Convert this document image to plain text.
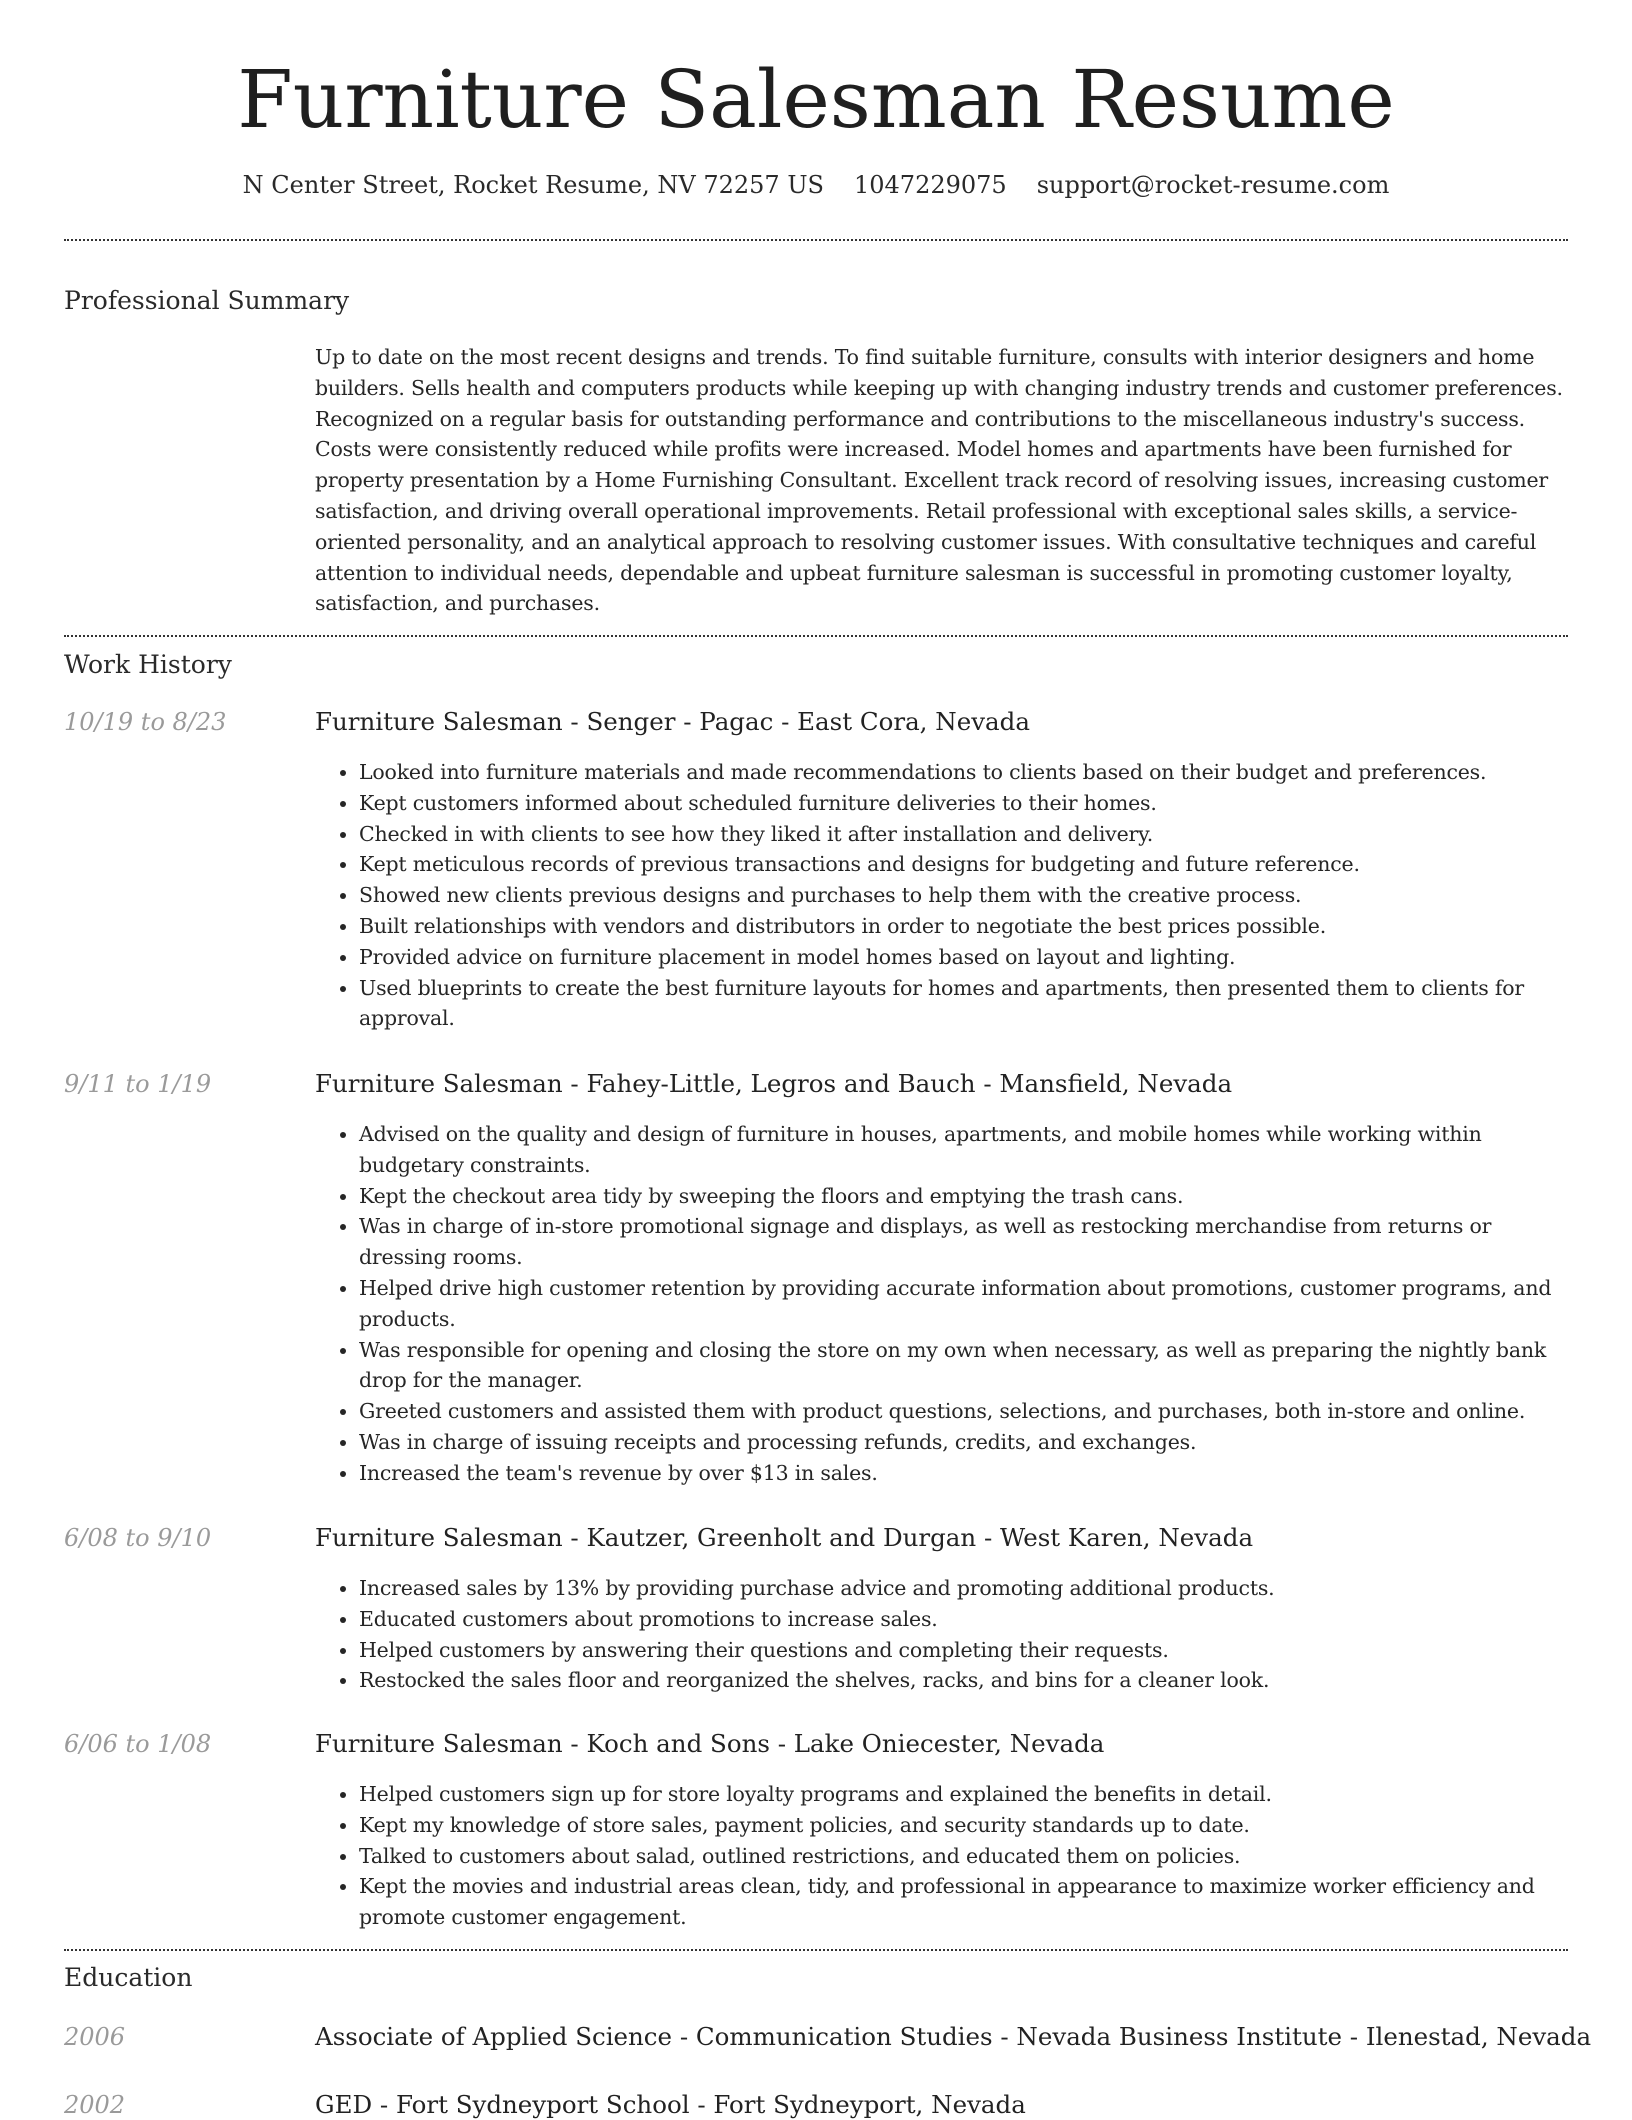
Furniture Salesman Resume
N Center Street, Rocket Resume, NV 72257 US 1047229075 support@rocket-resume.com
Professional Summary

Up to date on the most recent designs and trends. To find suitable furniture, consults with interior designers and home builders. Sells health and computers products while keeping up with changing industry trends and customer preferences. Recognized on a regular basis for outstanding performance and contributions to the miscellaneous industry's success. Costs were consistently reduced while profits were increased. Model homes and apartments have been furnished for property presentation by a Home Furnishing Consultant. Excellent track record of resolving issues, increasing customer satisfaction, and driving overall operational improvements. Retail professional with exceptional sales skills, a service-oriented personality, and an analytical approach to resolving customer issues. With consultative techniques and careful attention to individual needs, dependable and upbeat furniture salesman is successful in promoting customer loyalty, satisfaction, and purchases.

Work History
10/19 to 8/23	Furniture Salesman - Senger - Pagac - East Cora, Nevada
• Looked into furniture materials and made recommendations to clients based on their budget and preferences.
• Kept customers informed about scheduled furniture deliveries to their homes.
• Checked in with clients to see how they liked it after installation and delivery.
• Kept meticulous records of previous transactions and designs for budgeting and future reference.
• Showed new clients previous designs and purchases to help them with the creative process.
• Built relationships with vendors and distributors in order to negotiate the best prices possible.
• Provided advice on furniture placement in model homes based on layout and lighting.
• Used blueprints to create the best furniture layouts for homes and apartments, then presented them to clients for approval.
9/11 to 1/19	Furniture Salesman - Fahey-Little, Legros and Bauch - Mansfield, Nevada
• Advised on the quality and design of furniture in houses, apartments, and mobile homes while working within budgetary constraints.
• Kept the checkout area tidy by sweeping the floors and emptying the trash cans.
• Was in charge of in-store promotional signage and displays, as well as restocking merchandise from returns or dressing rooms.
• Helped drive high customer retention by providing accurate information about promotions, customer programs, and products.
• Was responsible for opening and closing the store on my own when necessary, as well as preparing the nightly bank drop for the manager.
• Greeted customers and assisted them with product questions, selections, and purchases, both in-store and online.
• Was in charge of issuing receipts and processing refunds, credits, and exchanges.
• Increased the team's revenue by over $13 in sales.
6/08 to 9/10	Furniture Salesman - Kautzer, Greenholt and Durgan - West Karen, Nevada
• Increased sales by 13% by providing purchase advice and promoting additional products.
• Educated customers about promotions to increase sales.
• Helped customers by answering their questions and completing their requests.
• Restocked the sales floor and reorganized the shelves, racks, and bins for a cleaner look.
6/06 to 1/08	Furniture Salesman - Koch and Sons - Lake Oniecester, Nevada
• Helped customers sign up for store loyalty programs and explained the benefits in detail.
• Kept my knowledge of store sales, payment policies, and security standards up to date.
• Talked to customers about salad, outlined restrictions, and educated them on policies.
• Kept the movies and industrial areas clean, tidy, and professional in appearance to maximize worker efficiency and promote customer engagement.
Education
2006	Associate of Applied Science - Communication Studies - Nevada Business Institute - Ilenestad, Nevada
2002	GED - Fort Sydneyport School - Fort Sydneyport, Nevada
